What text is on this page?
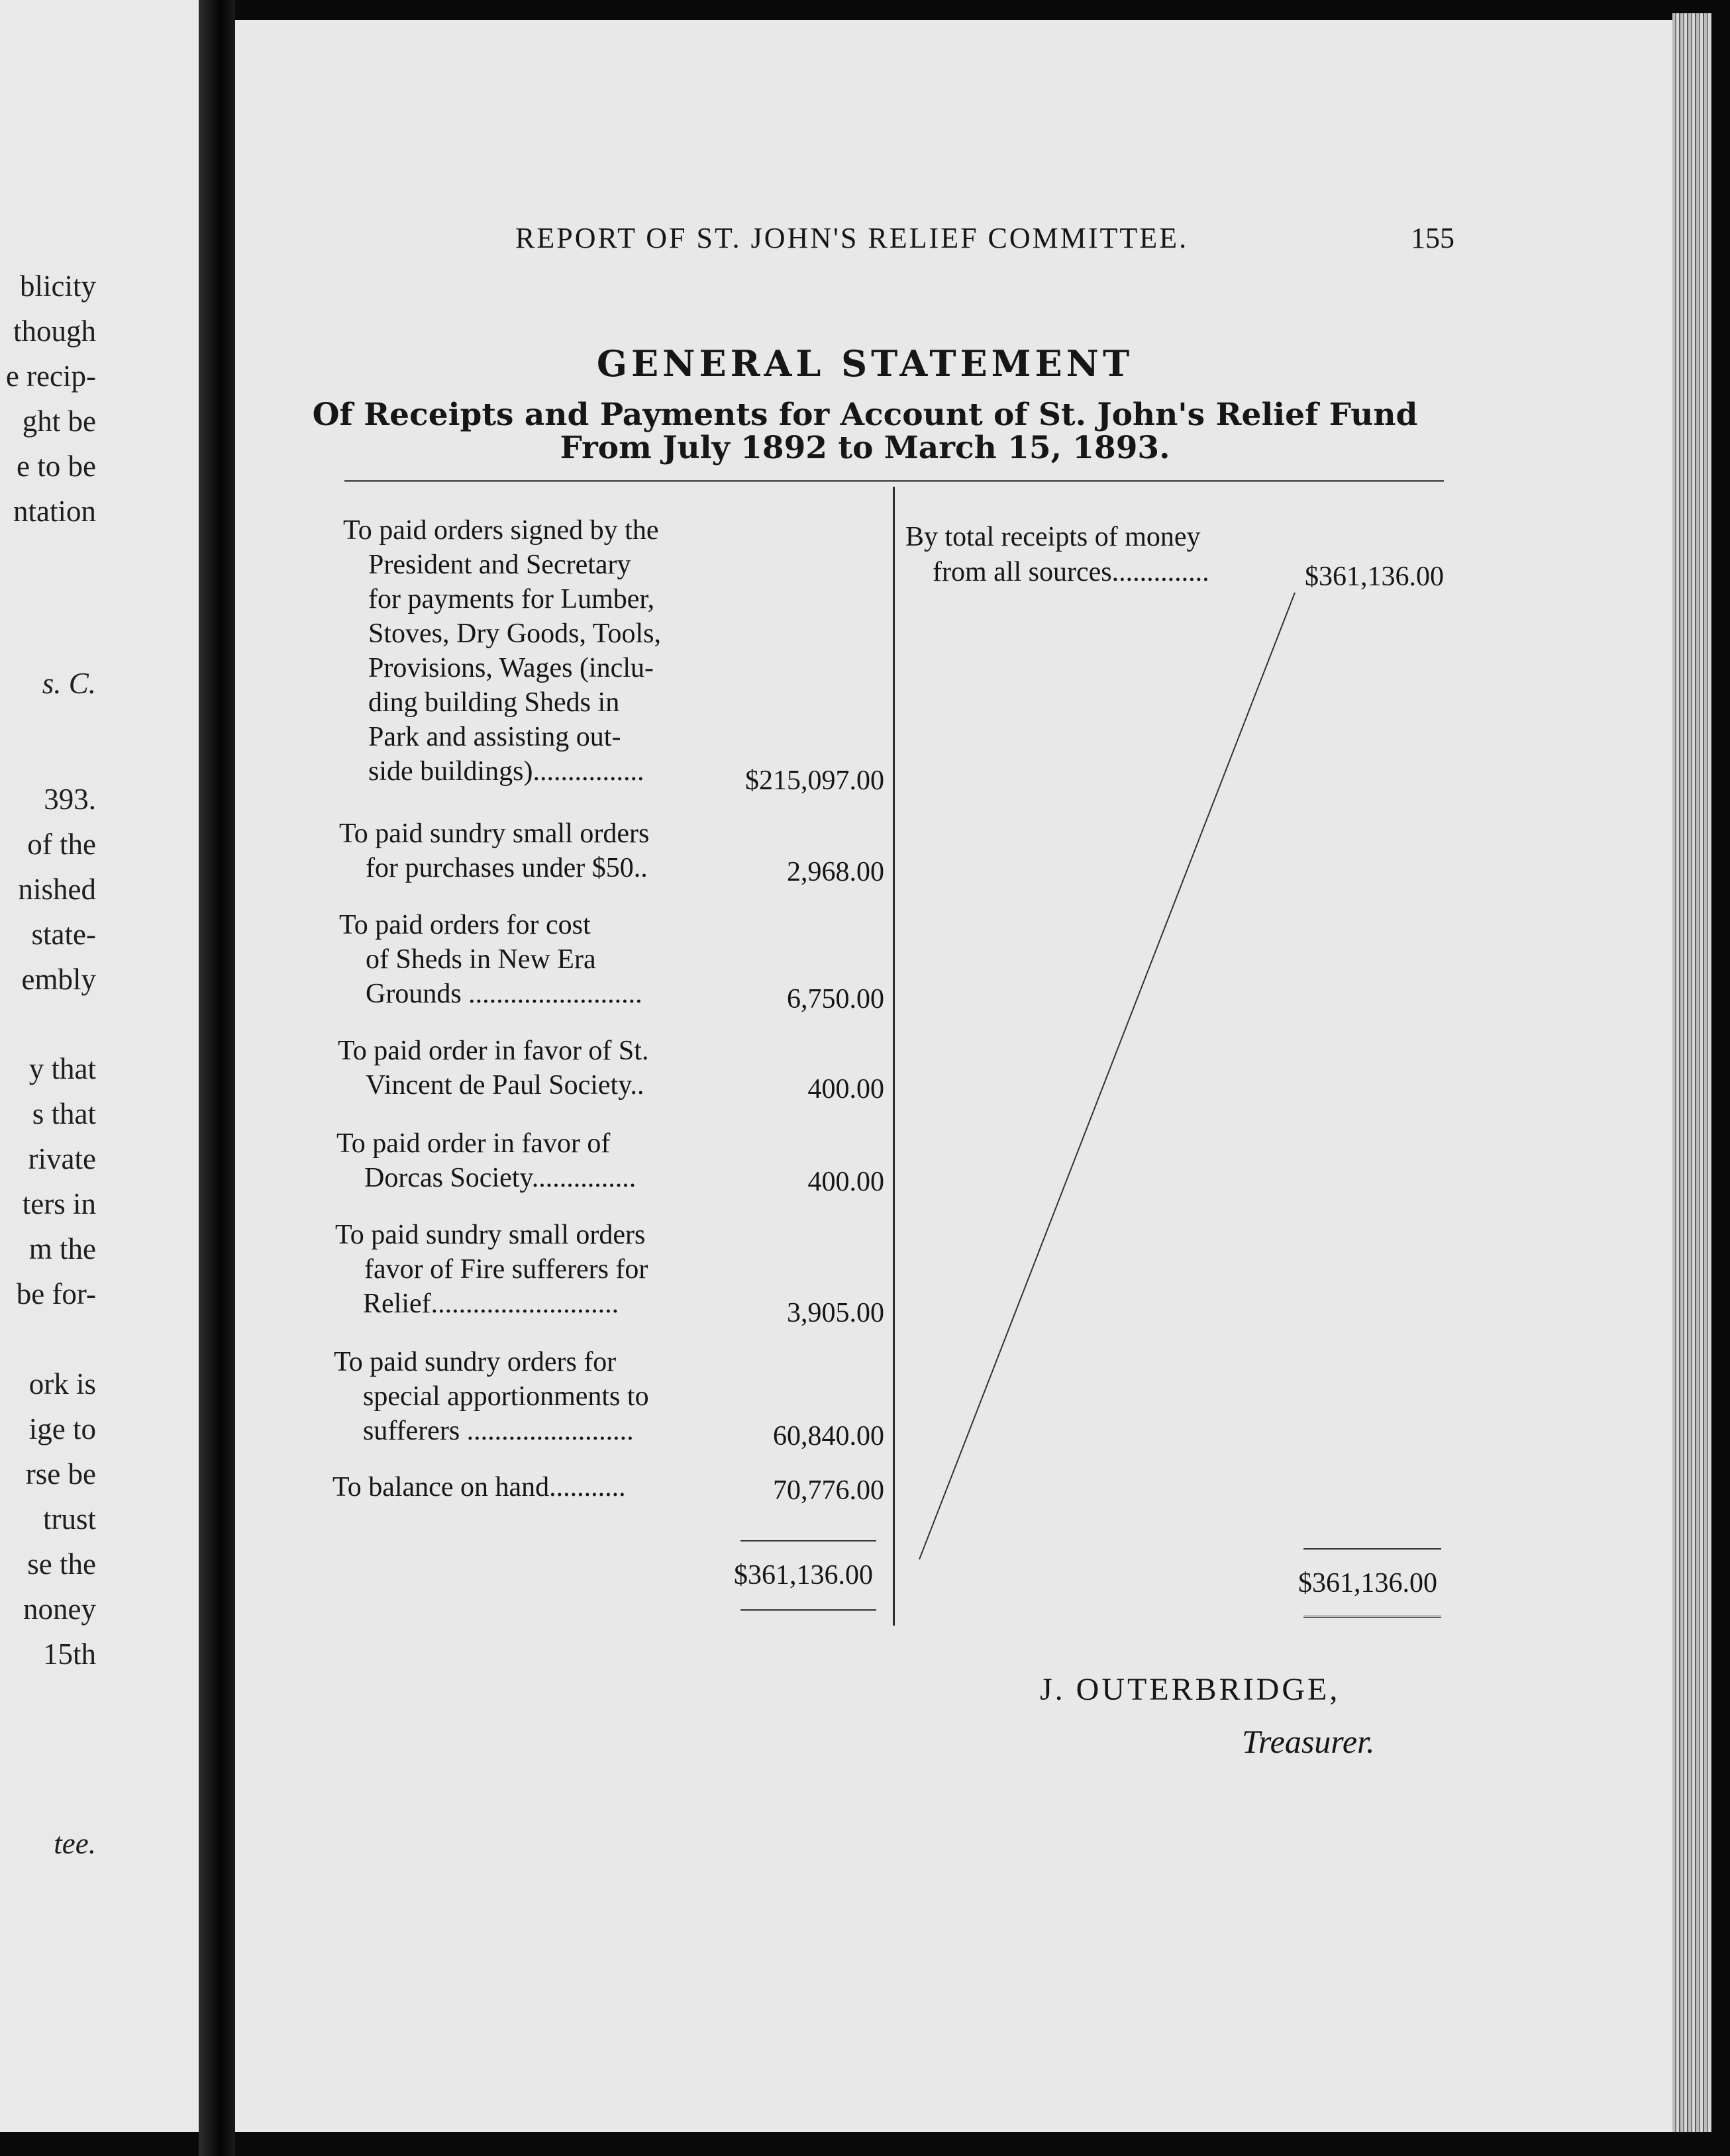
blicity
though
e recip-
ght be
e to be
ntation
s. C.
393.
of the
nished
state-
embly
y that
s that
rivate
ters in
m the
be for-
ork is
ige to
rse be
trust
se the
noney
15th
tee.
REPORT OF ST. JOHN'S RELIEF COMMITTEE.	155
GENERAL STATEMENT
Of Receipts and Payments for Account of St. John's Relief Fund
From July 1892 to March 15, 1893.
To paid orders signed by the
President and Secretary
for payments for Lumber,
Stoves, Dry Goods, Tools,
Provisions, Wages (inclu-
ding building Sheds in
Park and assisting out-
side buildings)................	$215,097.00
To paid sundry small orders
for purchases under $50..	2,968.00
To paid orders for cost
of Sheds in New Era
Grounds .........................	6,750.00
To paid order in favor of St.
Vincent de Paul Society..	400.00
To paid order in favor of
Dorcas Society...............	400.00
To paid sundry small orders
favor of Fire sufferers for
Relief...........................	3,905.00
To paid sundry orders for
special apportionments to
sufferers ........................	60,840.00
To balance on hand...........	70,776.00
$361,136.00
By total receipts of money
from all sources..............	$361,136.00
$361,136.00
J. OUTERBRIDGE,
Treasurer.
